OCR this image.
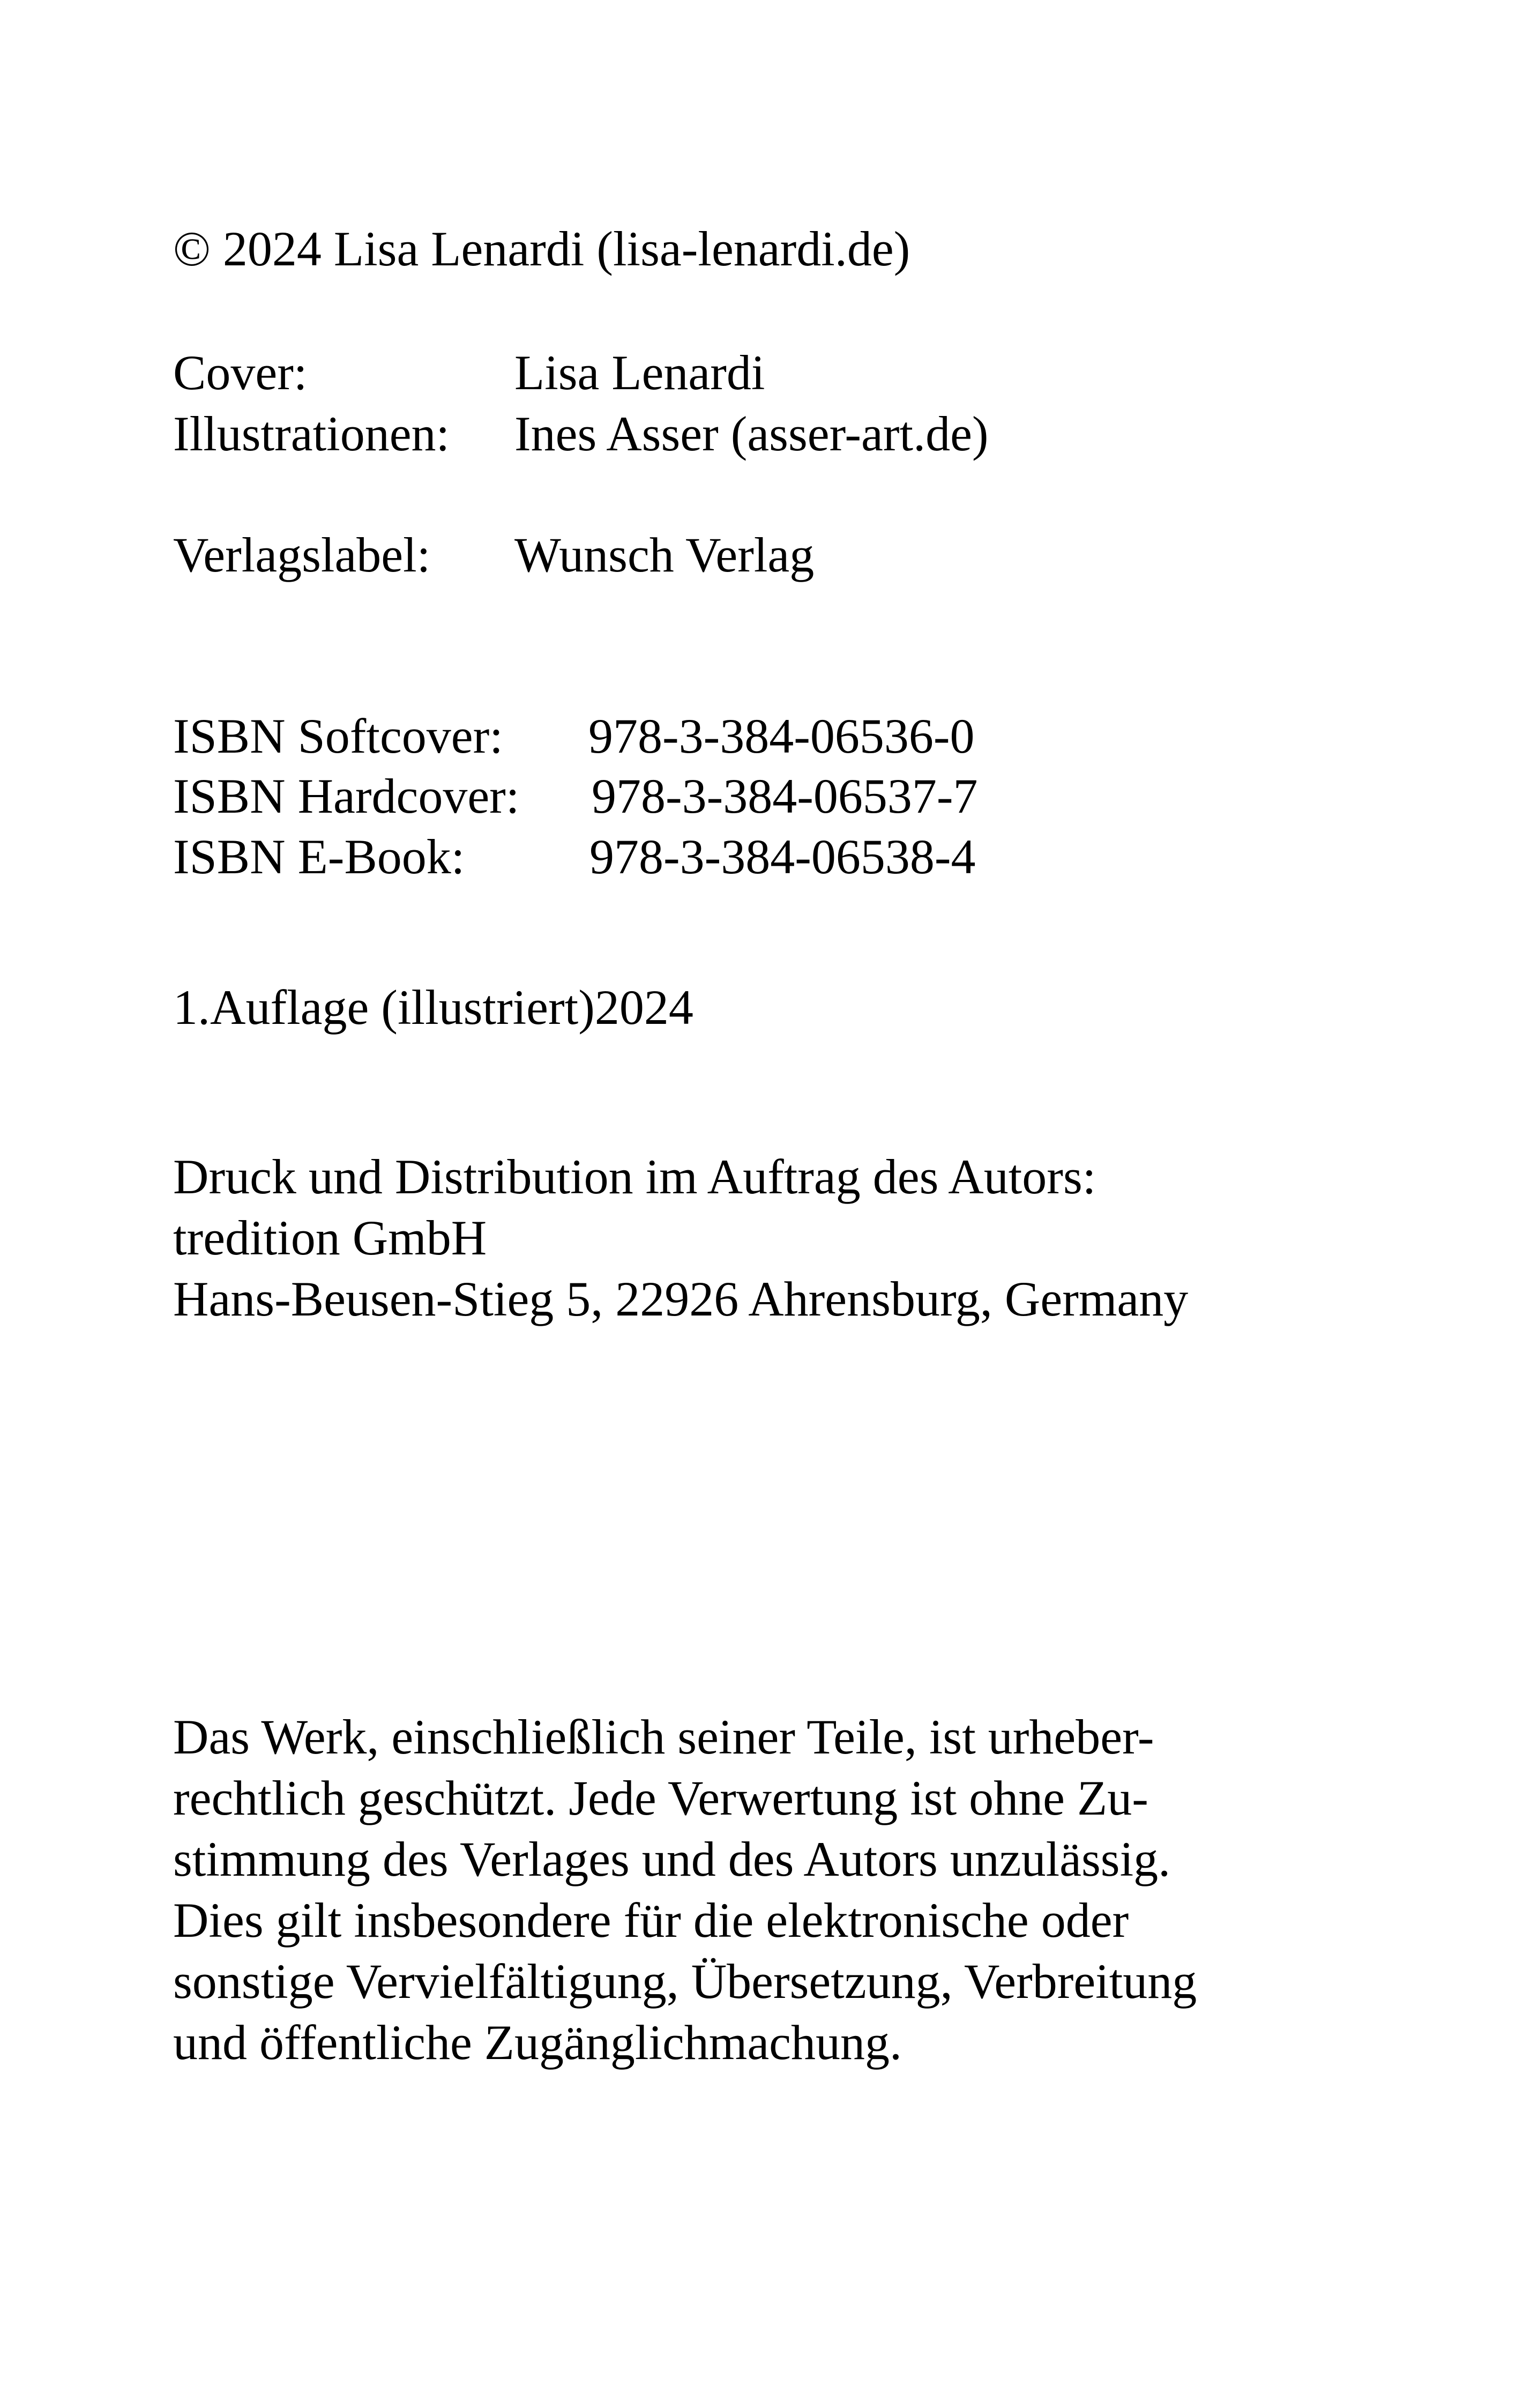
© 2024 Lisa Lenardi (lisa-lenardi.de)
Cover:	Lisa Lenardi
Illustrationen: Ines Asser (asser-art.de)
Verlagslabel: Wunsch Verlag
ISBN Softcover: 978-3-384-06536-0
ISBN Hardcover: 978-3-384-06537-7
ISBN E-Book:	978-3-384-06538-4
1.Auflage (illustriert)2024
Druck und Distribution im Auftrag des Autors:
tredition GmbH
Hans-Beusen-Stieg 5, 22926 Ahrensburg, Germany
Das Werk, einschließlich seiner Teile, ist urheber-
rechtlich geschützt. Jede Verwertung ist ohne Zu-
stimmung des Verlages und des Autors unzulässig.
Dies gilt insbesondere für die elektronische oder
sonstige Vervielfältigung, Übersetzung, Verbreitung
und öffentliche Zugänglichmachung.
